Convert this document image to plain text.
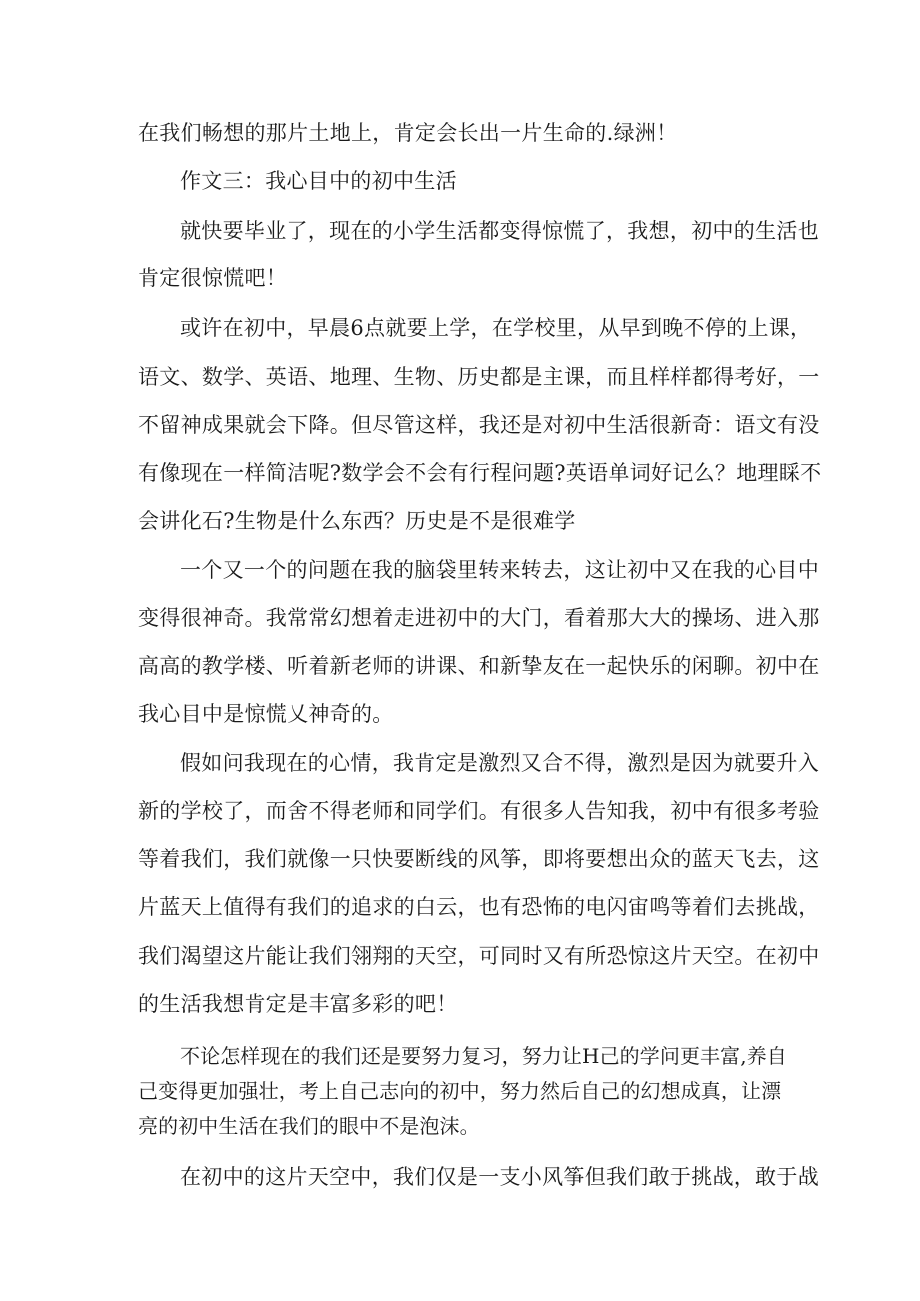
在我们畅想的那片土地上，肯定会长出一片生命的.绿洲！
作文三：我心目中的初中生活
就快要毕业了，现在的小学生活都变得惊慌了，我想，初中的生活也
肯定很惊慌吧！
或许在初中，早晨6点就要上学，在学校里，从早到晚不停的上课，
语文、数学、英语、地理、生物、历史都是主课，而且样样都得考好，一
不留神成果就会下降。但尽管这样，我还是对初中生活很新奇：语文有没
有像现在一样简洁呢?数学会不会有行程问题?英语单词好记么？地理睬不
会讲化石?生物是什么东西？历史是不是很难学
一个又一个的问题在我的脑袋里转来转去，这让初中又在我的心目中
变得很神奇。我常常幻想着走进初中的大门，看着那大大的操场、进入那
高高的教学楼、听着新老师的讲课、和新挚友在一起快乐的闲聊。初中在
我心目中是惊慌乂神奇的。
假如问我现在的心情，我肯定是激烈又合不得，激烈是因为就要升入
新的学校了，而舍不得老师和同学们。有很多人告知我，初中有很多考验
等着我们，我们就像一只快要断线的风筝，即将要想出众的蓝天飞去，这
片蓝天上值得有我们的追求的白云，也有恐怖的电闪宙鸣等着们去挑战，
我们渴望这片能让我们翎翔的天空，可同时又有所恐惊这片天空。在初中
的生活我想肯定是丰富多彩的吧！
不论怎样现在的我们还是要努力复习，努力让H己的学问更丰富,养自
己变得更加强壮，考上自己志向的初中，努力然后自己的幻想成真，让漂
亮的初中生活在我们的眼中不是泡沫。
在初中的这片天空中，我们仅是一支小风筝但我们敢于挑战，敢于战
